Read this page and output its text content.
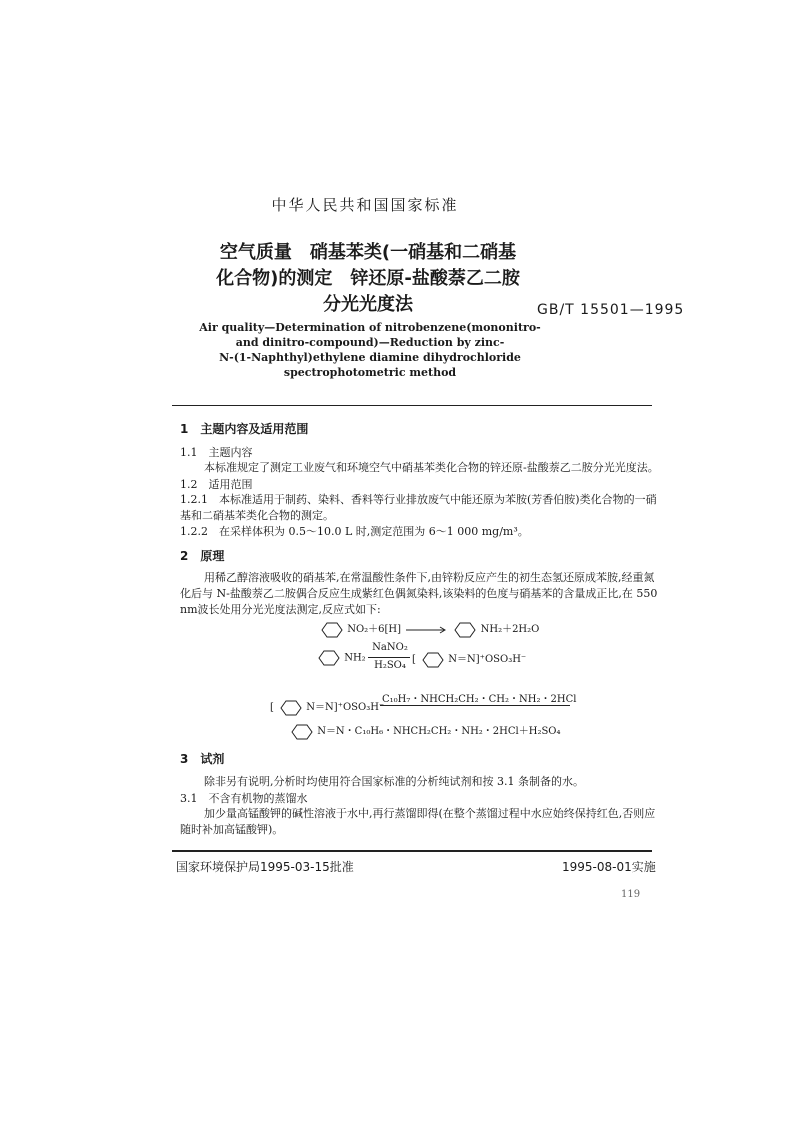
中华人民共和国国家标准
空气质量　硝基苯类(一硝基和二硝基
化合物)的测定　锌还原-盐酸萘乙二胺
分光光度法	GB/T 15501—1995
Air quality—Determination of nitrobenzene(mononitro-
and dinitro-compound)—Reduction by zinc-
N-(1-Naphthyl)ethylene diamine dihydrochloride
spectrophotometric method
1　主题内容及适用范围
1.1　主题内容
本标准规定了测定工业废气和环境空气中硝基苯类化合物的锌还原-盐酸萘乙二胺分光光度法。
1.2　适用范围
1.2.1　本标准适用于制药、染料、香料等行业排放废气中能还原为苯胺(芳香伯胺)类化合物的一硝基和二硝基苯类化合物的测定。
1.2.2　在采样体积为 0.5～10.0 L 时,测定范围为 6～1 000 mg/m³。
2　原理
用稀乙醇溶液吸收的硝基苯,在常温酸性条件下,由锌粉反应产生的初生态氢还原成苯胺,经重氮化后与 N-盐酸萘乙二胺偶合反应生成紫红色偶氮染料,该染料的色度与硝基苯的含量成正比,在 550 nm波长处用分光光度法测定,反应式如下:
NO₂＋6[H]	NH₂＋2H₂O
NH₂
NaNO₂
H₂SO₄
[	N＝N]⁺OSO₃H⁻
[	N＝N]⁺OSO₃H⁻
C₁₀H₇・NHCH₂CH₂・CH₂・NH₂・2HCl
N＝N・C₁₀H₆・NHCH₂CH₂・NH₂・2HCl＋H₂SO₄
3　试剂
除非另有说明,分析时均使用符合国家标准的分析纯试剂和按 3.1 条制备的水。
3.1　不含有机物的蒸馏水
加少量高锰酸钾的碱性溶液于水中,再行蒸馏即得(在整个蒸馏过程中水应始终保持红色,否则应随时补加高锰酸钾)。
国家环境保护局1995-03-15批准	1995-08-01实施
119
